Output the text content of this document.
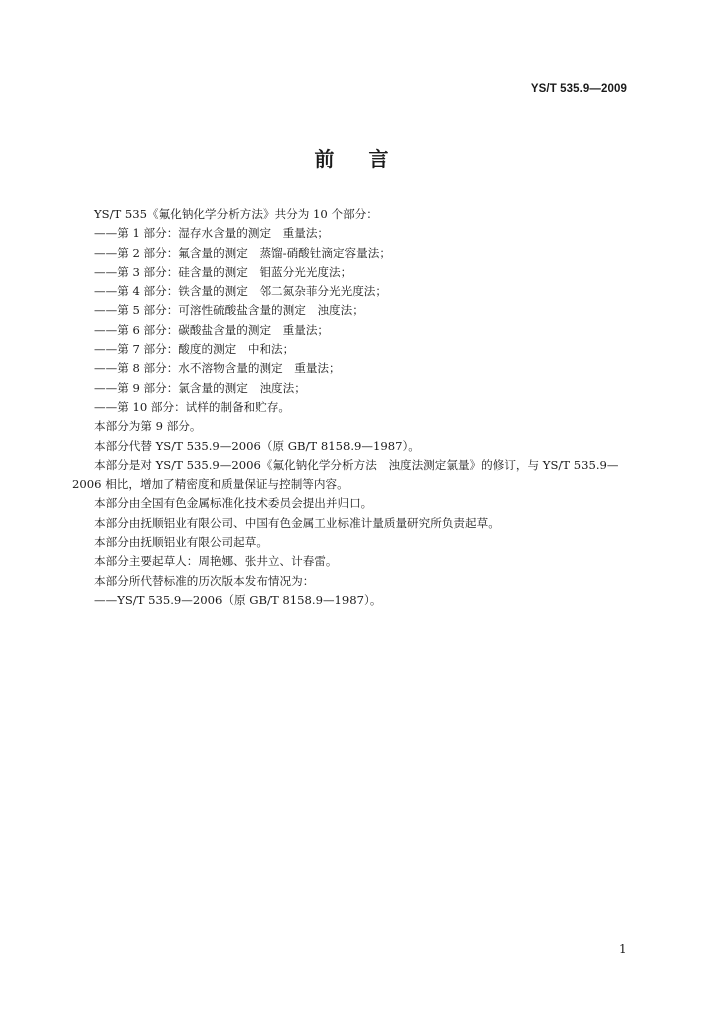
YS/T 535.9—2009
前 言
YS/T 535《氟化钠化学分析方法》共分为 10 个部分：
——第 1 部分：湿存水含量的测定　重量法；
——第 2 部分：氟含量的测定　蒸馏-硝酸钍滴定容量法；
——第 3 部分：硅含量的测定　钼蓝分光光度法；
——第 4 部分：铁含量的测定　邻二氮杂菲分光光度法；
——第 5 部分：可溶性硫酸盐含量的测定　浊度法；
——第 6 部分：碳酸盐含量的测定　重量法；
——第 7 部分：酸度的测定　中和法；
——第 8 部分：水不溶物含量的测定　重量法；
——第 9 部分：氯含量的测定　浊度法；
——第 10 部分：试样的制备和贮存。
本部分为第 9 部分。
本部分代替 YS/T 535.9—2006（原 GB/T 8158.9—1987）。
本部分是对 YS/T 535.9—2006《氟化钠化学分析方法　浊度法测定氯量》的修订，与 YS/T 535.9—
2006 相比，增加了精密度和质量保证与控制等内容。
本部分由全国有色金属标准化技术委员会提出并归口。
本部分由抚顺铝业有限公司、中国有色金属工业标准计量质量研究所负责起草。
本部分由抚顺铝业有限公司起草。
本部分主要起草人：周艳娜、张井立、计春雷。
本部分所代替标准的历次版本发布情况为：
——YS/T 535.9—2006（原 GB/T 8158.9—1987）。
1
